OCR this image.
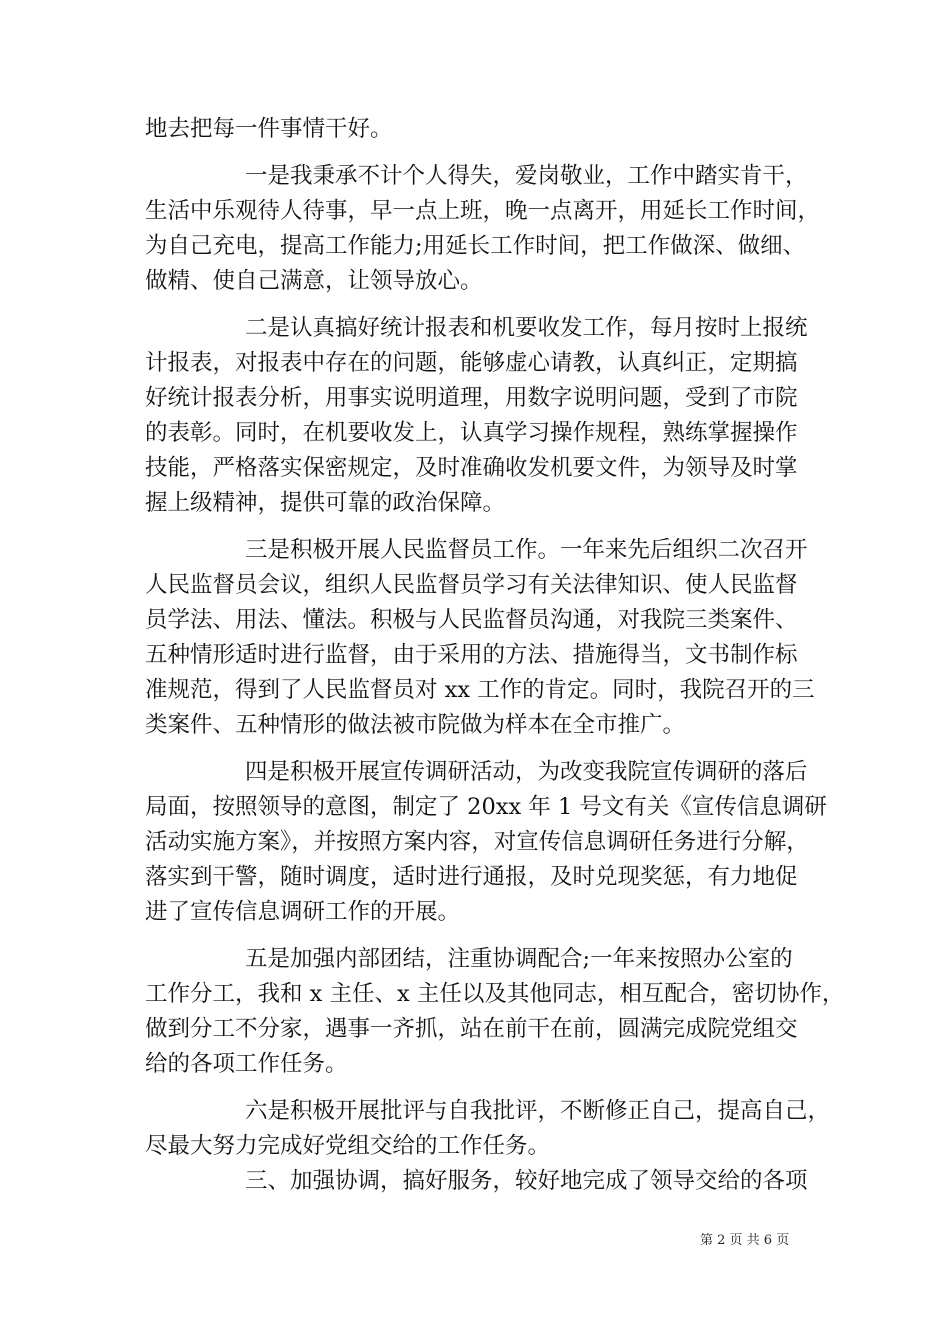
地去把每一件事情干好。
一是我秉承不计个人得失，爱岗敬业，工作中踏实肯干，
生活中乐观待人待事，早一点上班，晚一点离开，用延长工作时间，
为自己充电，提高工作能力;用延长工作时间，把工作做深、做细、
做精、使自己满意，让领导放心。
二是认真搞好统计报表和机要收发工作，每月按时上报统
计报表，对报表中存在的问题，能够虚心请教，认真纠正，定期搞
好统计报表分析，用事实说明道理，用数字说明问题，受到了市院
的表彰。同时，在机要收发上，认真学习操作规程，熟练掌握操作
技能，严格落实保密规定，及时准确收发机要文件，为领导及时掌
握上级精神，提供可靠的政治保障。
三是积极开展人民监督员工作。一年来先后组织二次召开
人民监督员会议，组织人民监督员学习有关法律知识、使人民监督
员学法、用法、懂法。积极与人民监督员沟通，对我院三类案件、
五种情形适时进行监督，由于采用的方法、措施得当，文书制作标
准规范，得到了人民监督员对 xx 工作的肯定。同时，我院召开的三
类案件、五种情形的做法被市院做为样本在全市推广。
四是积极开展宣传调研活动，为改变我院宣传调研的落后
局面，按照领导的意图，制定了 20xx 年 1 号文有关《宣传信息调研
活动实施方案》，并按照方案内容，对宣传信息调研任务进行分解，
落实到干警，随时调度，适时进行通报，及时兑现奖惩，有力地促
进了宣传信息调研工作的开展。
五是加强内部团结，注重协调配合;一年来按照办公室的
工作分工，我和 x 主任、x 主任以及其他同志，相互配合，密切协作，
做到分工不分家，遇事一齐抓，站在前干在前，圆满完成院党组交
给的各项工作任务。
六是积极开展批评与自我批评，不断修正自己，提高自己，
尽最大努力完成好党组交给的工作任务。
三、加强协调，搞好服务，较好地完成了领导交给的各项
第 2 页 共 6 页
